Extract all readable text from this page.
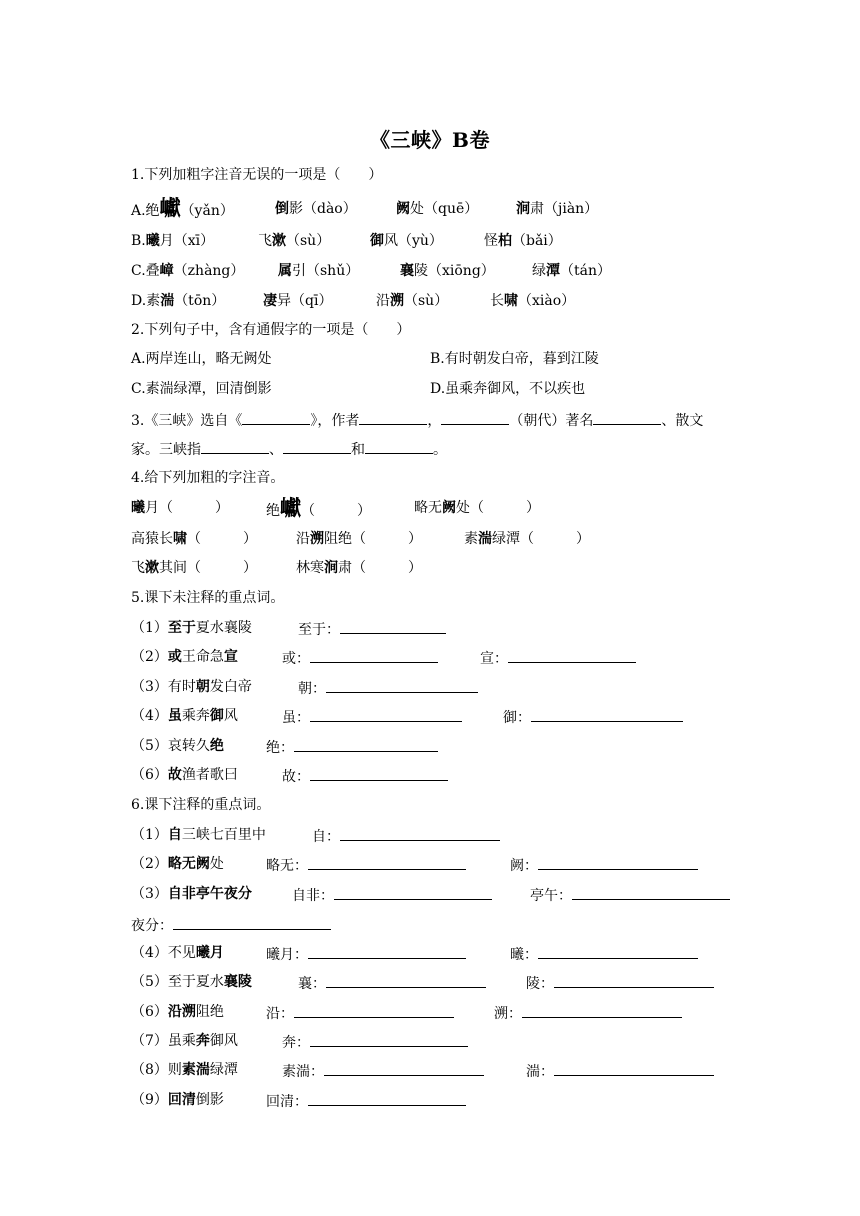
《三峡》B卷
1.下列加粗字注音无误的一项是（　　）
A.绝巘（yǎn）	倒影（dào）	阙处（quē）	涧肃（jiàn）
B.曦月（xī）	飞漱（sù）	御风（yù）	怪柏（bǎi）
C.叠嶂（zhàng） 属引（shǔ）	襄陵（xiōng）	绿潭（tán）
D.素湍（tōn）	凄异（qī）	沿溯（sù）	长啸（xiào）
2.下列句子中，含有通假字的一项是（　　）
A.两岸连山，略无阙处	B.有时朝发白帝，暮到江陵
C.素湍绿潭，回清倒影	D.虽乘奔御风，不以疾也
3.《三峡》选自《	》，作者	，	（朝代）著名	、散文
家。三峡指	、	和	。
4.给下列加粗的字注音。
曦月（　　　）	绝巘（　　　）	略无阙处（　　　）
高猿长啸（　　　）	沿溯阻绝（　　　）	素湍绿潭（　　　）
飞漱其间（　　　）	林寒涧肃（　　　）
5.课下未注释的重点词。
（1）至于夏水襄陵	至于：
（2）或王命急宣	或：	宣：
（3）有时朝发白帝	朝：
（4）虽乘奔御风	虽：	御：
（5）哀转久绝	绝：
（6）故渔者歌曰	故：
6.课下注释的重点词。
（1）自三峡七百里中	自：
（2）略无阙处	略无：	阙：
（3）自非亭午夜分	自非：	亭午：
夜分：
（4）不见曦月	曦月：	曦：
（5）至于夏水襄陵	襄：	陵：
（6）沿溯阻绝	沿：	溯：
（7）虽乘奔御风	奔：
（8）则素湍绿潭	素湍：	湍：
（9）回清倒影	回清：
